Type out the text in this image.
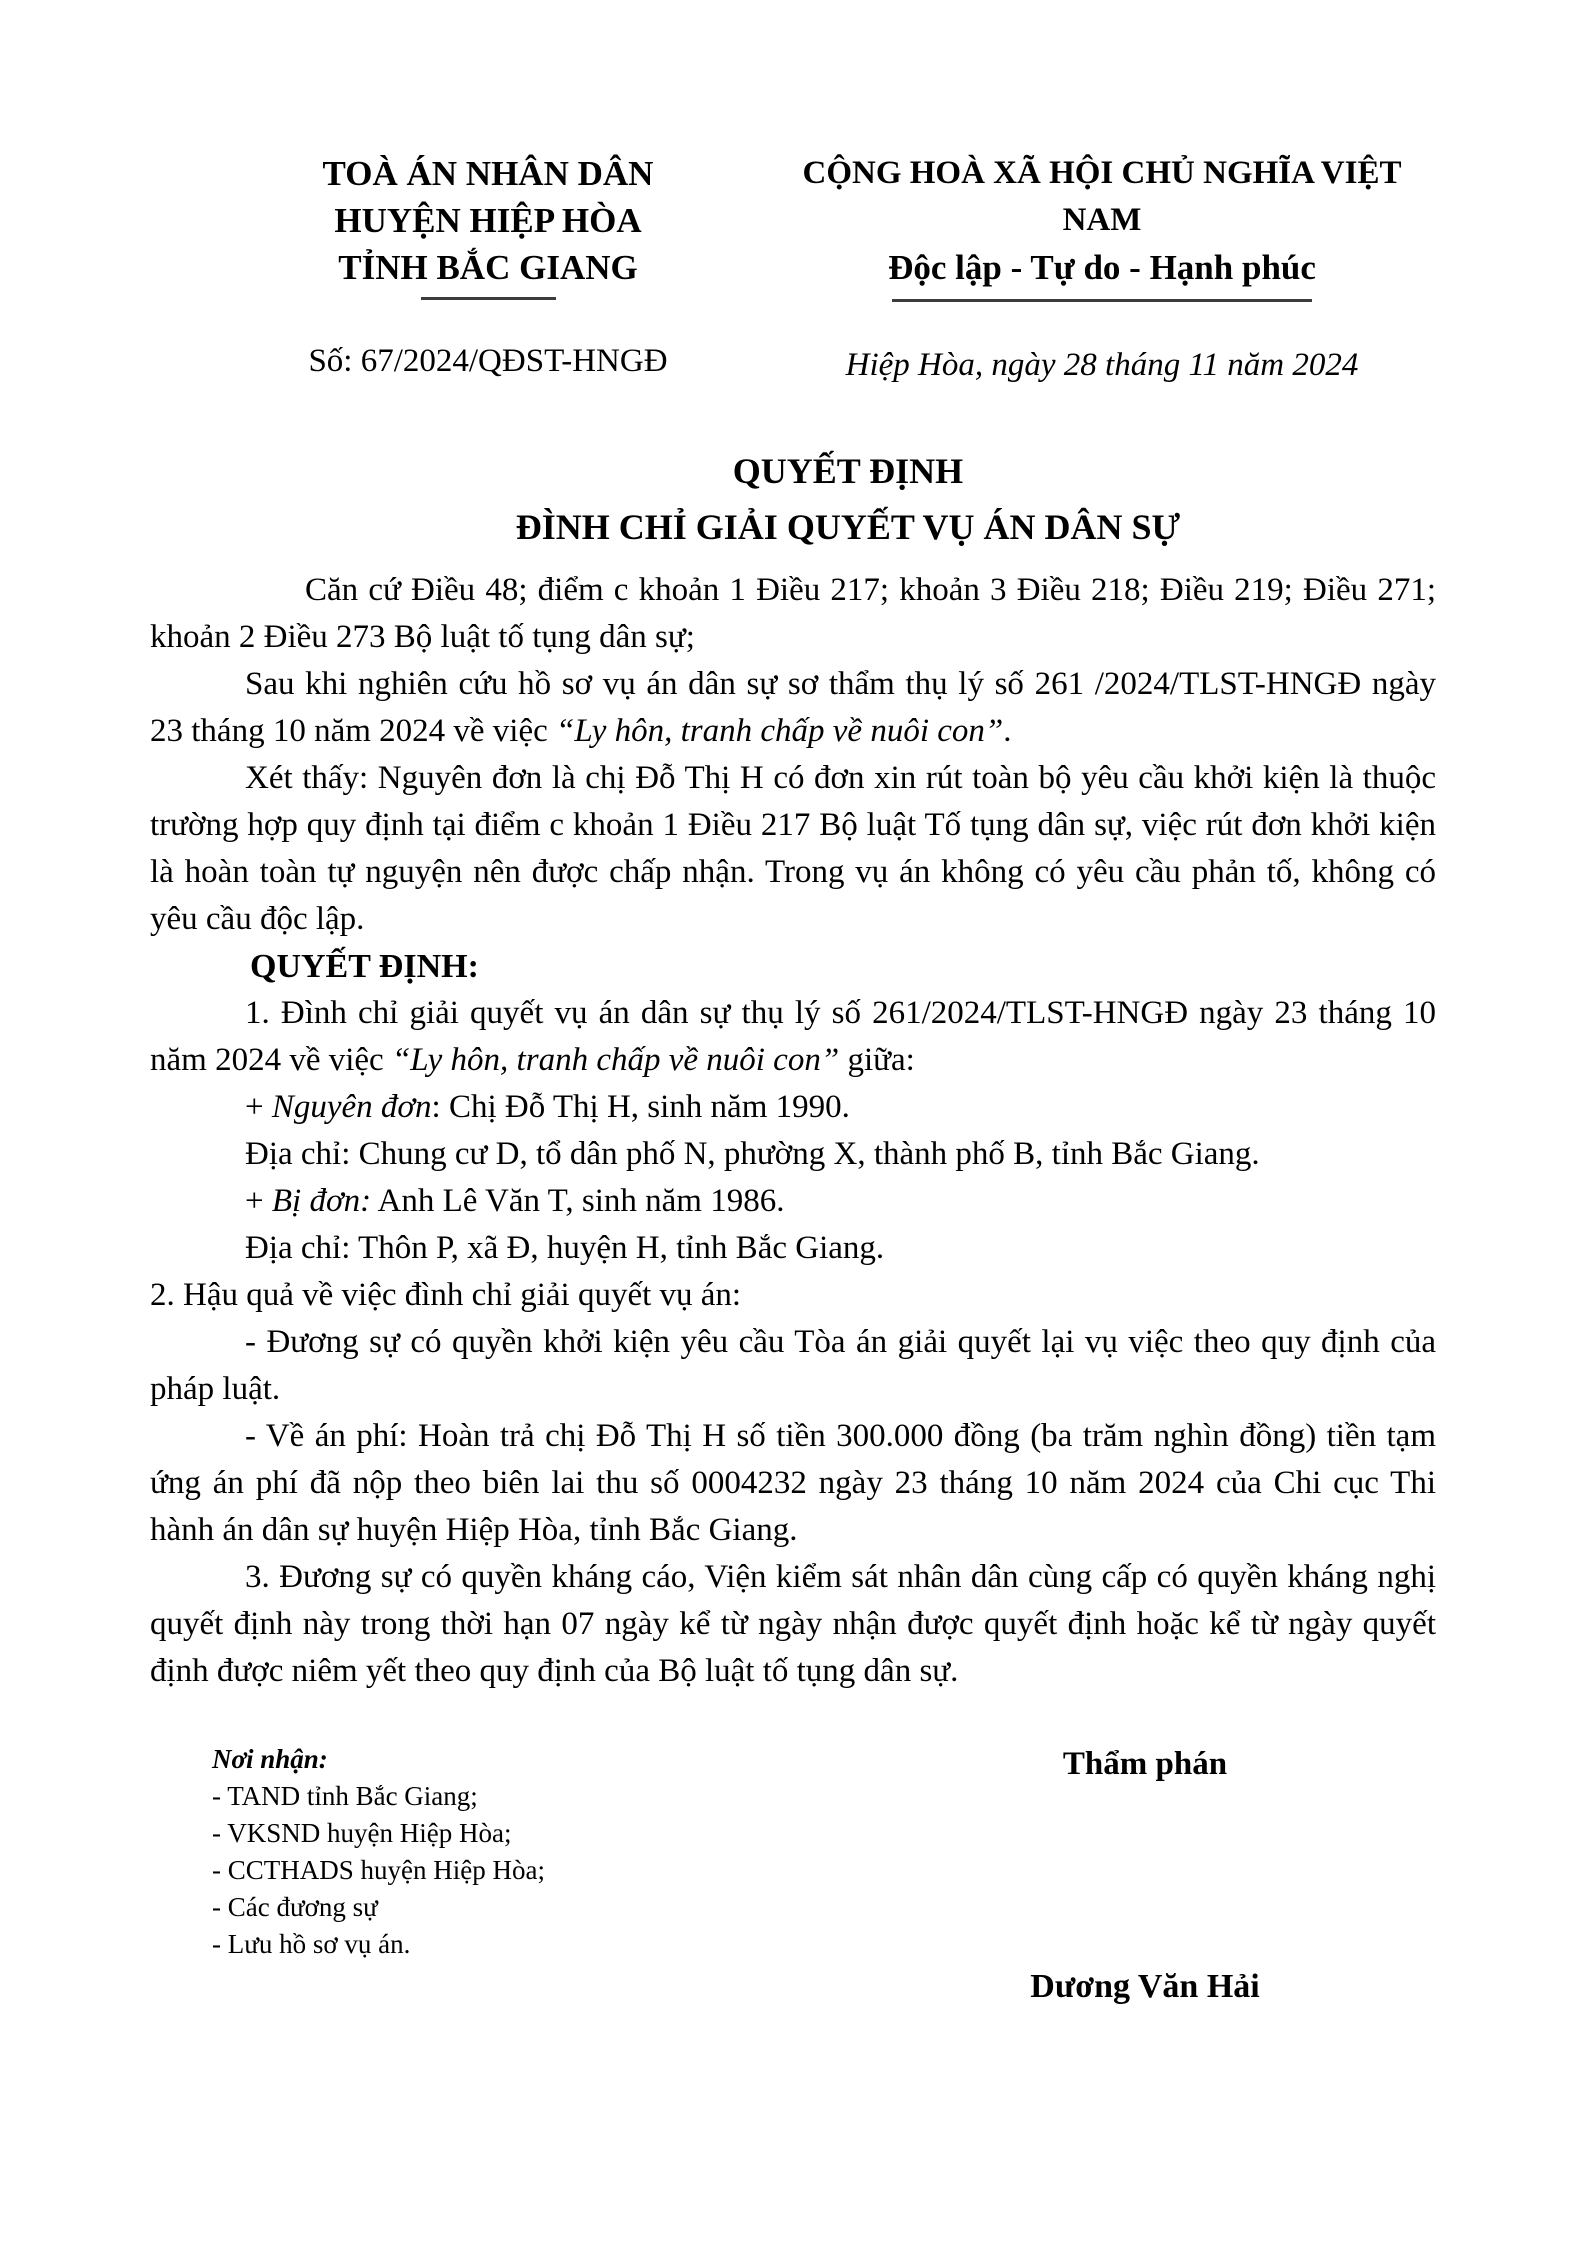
TOÀ ÁN NHÂN DÂN
HUYỆN HIỆP HÒA
TỈNH BẮC GIANG
Số: 67/2024/QĐST-HNGĐ
CỘNG HOÀ XÃ HỘI CHỦ NGHĨA VIỆT NAM
Độc lập - Tự do - Hạnh phúc
Hiệp Hòa, ngày 28 tháng 11 năm 2024
QUYẾT ĐỊNH
ĐÌNH CHỈ GIẢI QUYẾT VỤ ÁN DÂN SỰ

Căn cứ Điều 48; điểm c khoản 1 Điều 217; khoản 3 Điều 218; Điều 219; Điều 271; khoản 2 Điều 273 Bộ luật tố tụng dân sự;

Sau khi nghiên cứu hồ sơ vụ án dân sự sơ thẩm thụ lý số 261 /2024/TLST-HNGĐ ngày 23 tháng 10 năm 2024 về việc “Ly hôn, tranh chấp về nuôi con”.

Xét thấy: Nguyên đơn là chị Đỗ Thị H có đơn xin rút toàn bộ yêu cầu khởi kiện là thuộc trường hợp quy định tại điểm c khoản 1 Điều 217 Bộ luật Tố tụng dân sự, việc rút đơn khởi kiện là hoàn toàn tự nguyện nên được chấp nhận. Trong vụ án không có yêu cầu phản tố, không có yêu cầu độc lập.

QUYẾT ĐỊNH:

1. Đình chỉ giải quyết vụ án dân sự thụ lý số 261/2024/TLST-HNGĐ ngày 23 tháng 10 năm 2024 về việc “Ly hôn, tranh chấp về nuôi con” giữa:

+ Nguyên đơn: Chị Đỗ Thị H, sinh năm 1990.

Địa chỉ: Chung cư D, tổ dân phố N, phường X, thành phố B, tỉnh Bắc Giang.

+ Bị đơn: Anh Lê Văn T, sinh năm 1986.

Địa chỉ: Thôn P, xã Đ, huyện H, tỉnh Bắc Giang.

2. Hậu quả về việc đình chỉ giải quyết vụ án:

- Đương sự có quyền khởi kiện yêu cầu Tòa án giải quyết lại vụ việc theo quy định của pháp luật.

- Về án phí: Hoàn trả chị Đỗ Thị H số tiền 300.000 đồng (ba trăm nghìn đồng) tiền tạm ứng án phí đã nộp theo biên lai thu số 0004232 ngày 23 tháng 10 năm 2024 của Chi cục Thi hành án dân sự huyện Hiệp Hòa, tỉnh Bắc Giang.

3. Đương sự có quyền kháng cáo, Viện kiểm sát nhân dân cùng cấp có quyền kháng nghị quyết định này trong thời hạn 07 ngày kể từ ngày nhận được quyết định hoặc kể từ ngày quyết định được niêm yết theo quy định của Bộ luật tố tụng dân sự.

Nơi nhận:
- TAND tỉnh Bắc Giang;
- VKSND huyện Hiệp Hòa;
- CCTHADS huyện Hiệp Hòa;
- Các đương sự
- Lưu hồ sơ vụ án.
Thẩm phán
Dương Văn Hải
